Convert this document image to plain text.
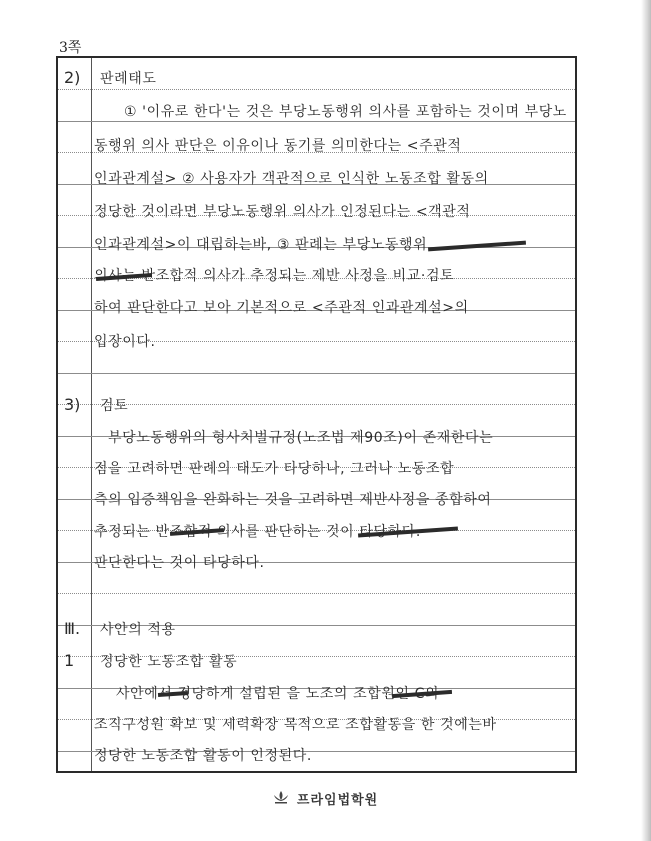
3쪽
2) 판례태도
① '이유로 한다'는 것은 부당노동행위 의사를 포함하는 것이며 부당노
동행위 의사 판단은 이유이나 동기를 의미한다는 <주관적
인과관계설> ② 사용자가 객관적으로 인식한 노동조합 활동의
정당한 것이라면 부당노동행위 의사가 인정된다는 <객관적
인과관계설>이 대립하는바, ③ 판례는 부당노동행위
의사는 반조합적 의사가 추정되는 제반 사정을 비교·검토
하여 판단한다고 보아 기본적으로 <주관적 인과관계설>의
입장이다.
3) 검토
부당노동행위의 형사처벌규정(노조법 제90조)이 존재한다는
점을 고려하면 판례의 태도가 타당하나, 그러나 노동조합
측의 입증책임을 완화하는 것을 고려하면 제반사정을 종합하여
추정되는 반조합적 의사를 판단하는 것이 타당하다.
판단한다는 것이 타당하다.
Ⅲ. 사안의 적용
1 정당한 노동조합 활동
사안에서 정당하게 설립된 을 노조의 조합원인 C의
조직구성원 확보 및 세력확장 목적으로 조합활동을 한 것에는바
정당한 노동조합 활동이 인정된다.
프라임법학원
